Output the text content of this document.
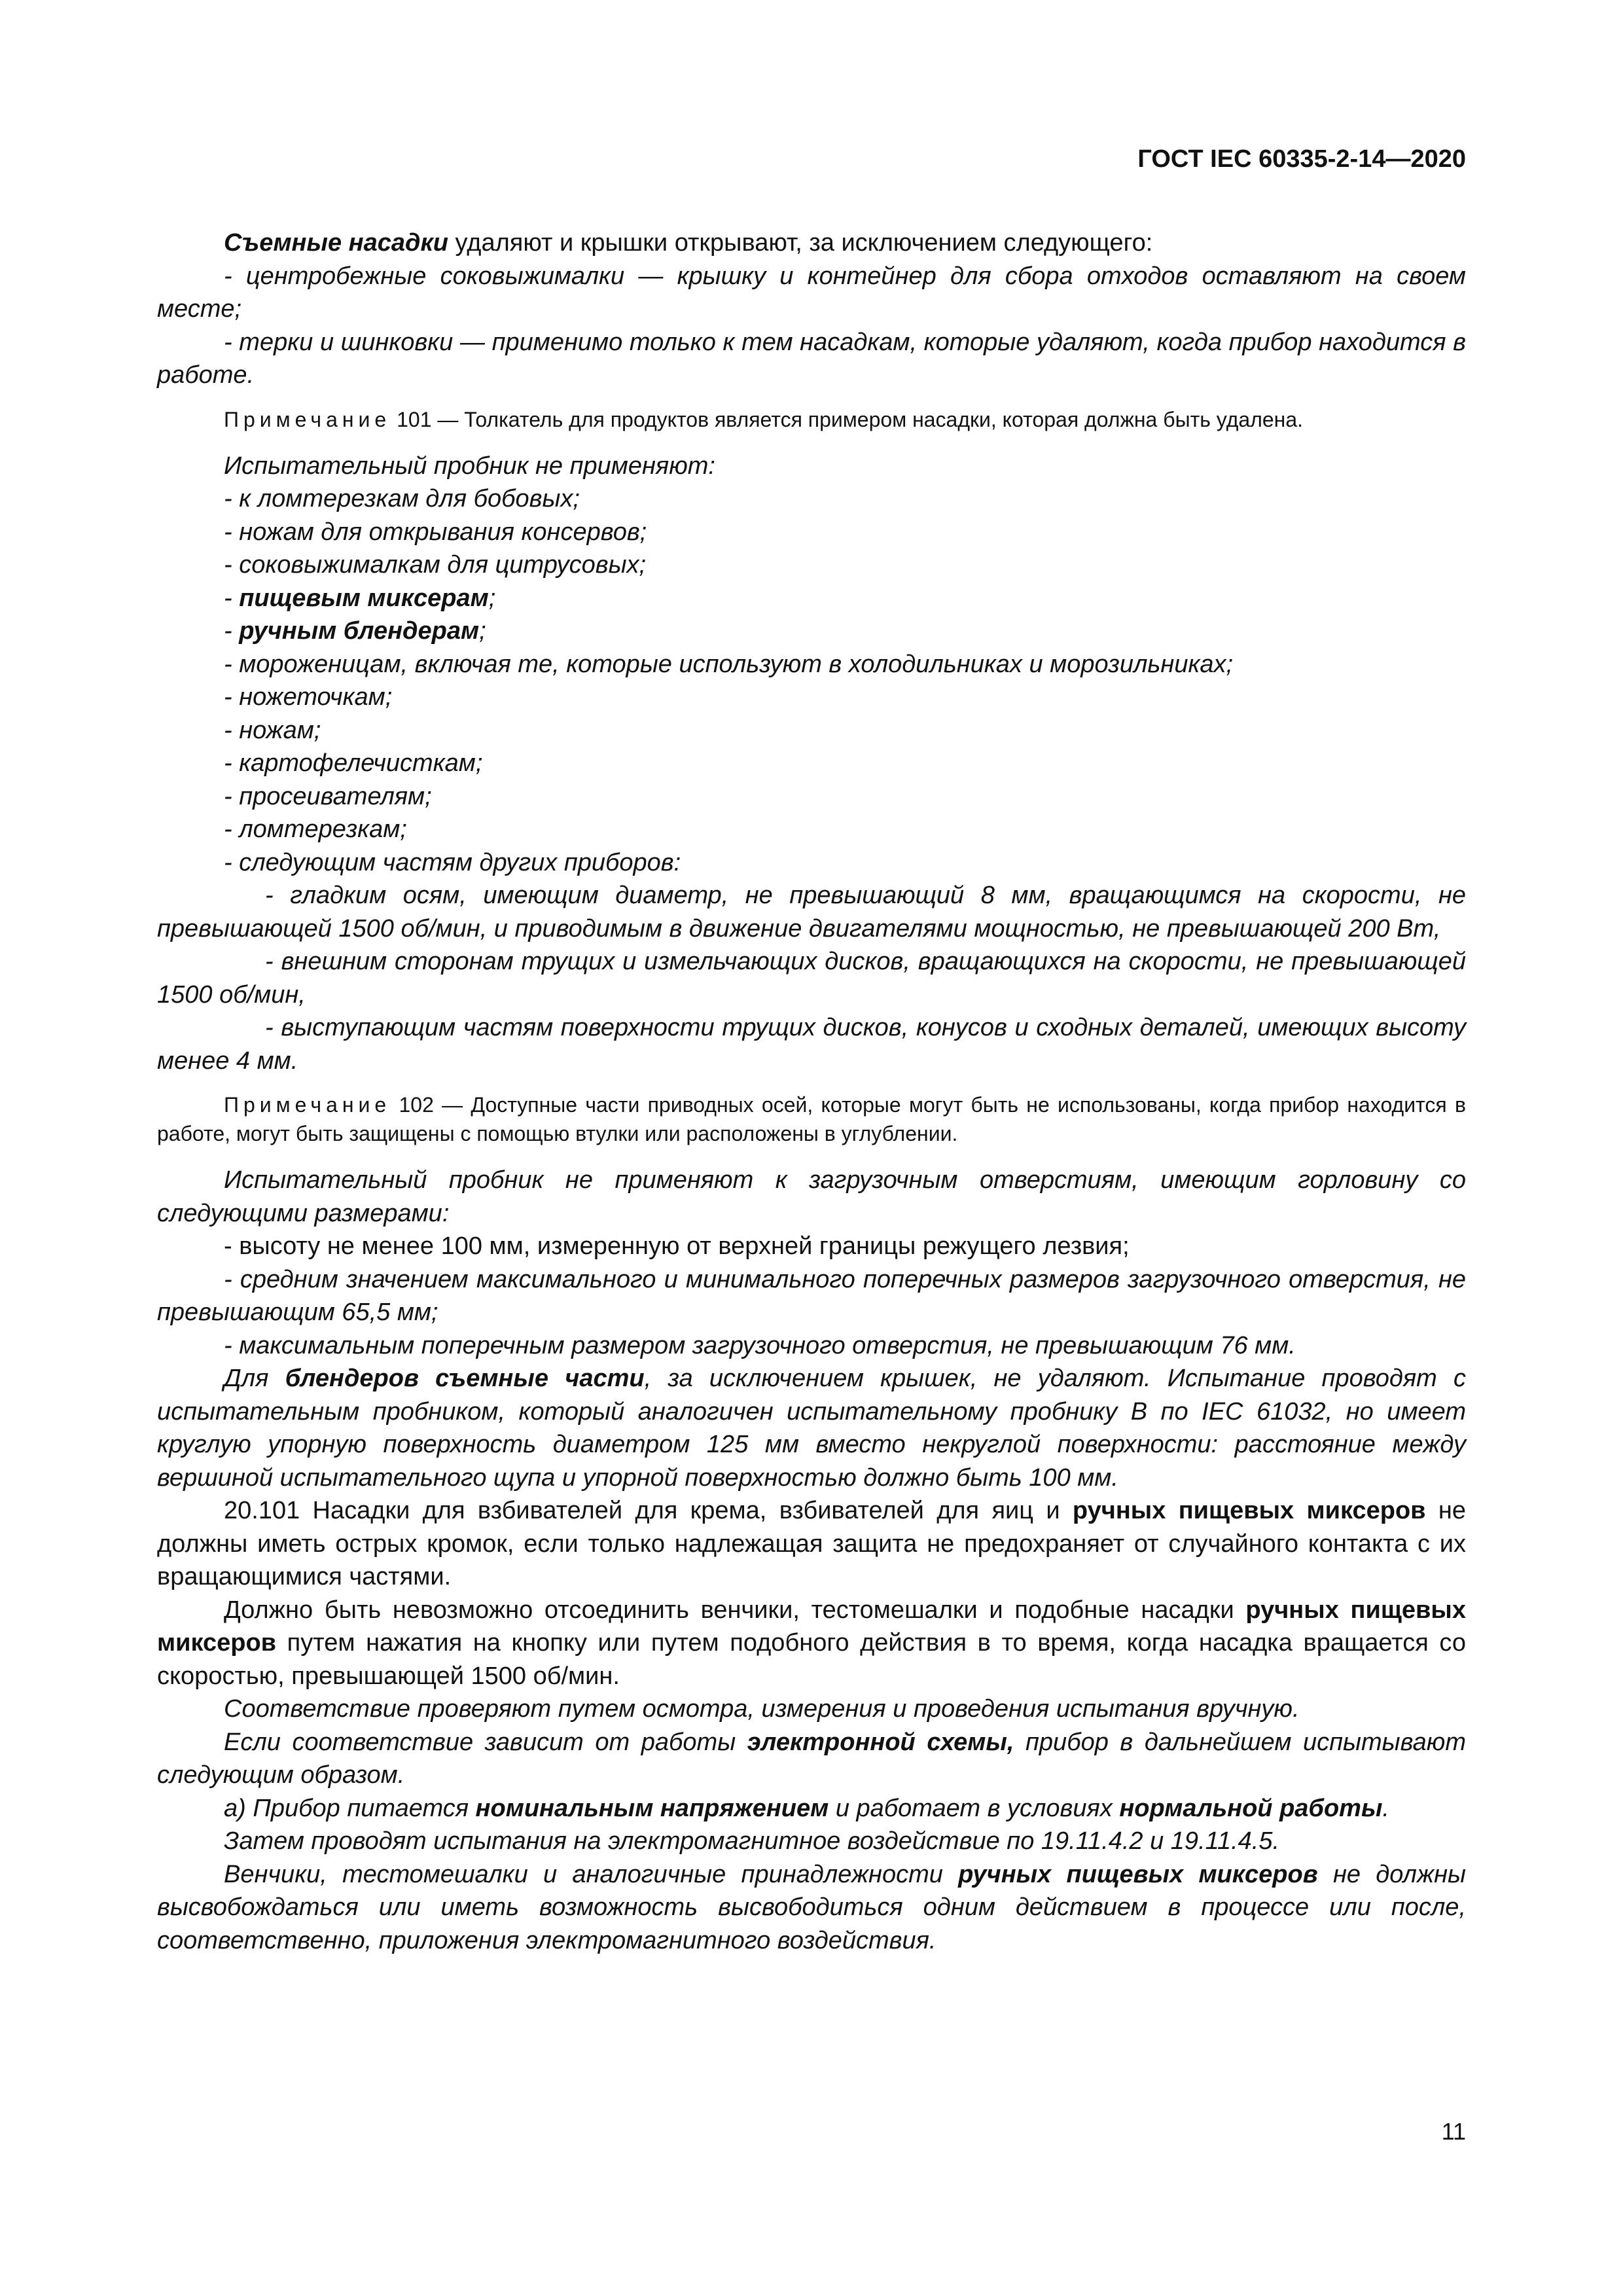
ГОСТ IEC 60335-2-14—2020

Съемные насадки удаляют и крышки открывают, за исключением следующего:

- центробежные соковыжималки — крышку и контейнер для сбора отходов оставляют на своем месте;

- терки и шинковки — применимо только к тем насадкам, которые удаляют, когда прибор находится в работе.

Примечание 101 — Толкатель для продуктов является примером насадки, которая должна быть удалена.

Испытательный пробник не применяют:

- к ломтерезкам для бобовых;

- ножам для открывания консервов;

- соковыжималкам для цитрусовых;

- пищевым миксерам;

- ручным блендерам;

- мороженицам, включая те, которые используют в холодильниках и морозильниках;

- ножеточкам;

- ножам;

- картофелечисткам;

- просеивателям;

- ломтерезкам;

- следующим частям других приборов:

- гладким осям, имеющим диаметр, не превышающий 8 мм, вращающимся на скорости, не превышающей 1500 об/мин, и приводимым в движение двигателями мощностью, не превышающей 200 Вт,

- внешним сторонам трущих и измельчающих дисков, вращающихся на скорости, не превышающей 1500 об/мин,

- выступающим частям поверхности трущих дисков, конусов и сходных деталей, имеющих высоту менее 4 мм.

Примечание 102 — Доступные части приводных осей, которые могут быть не использованы, когда прибор находится в работе, могут быть защищены с помощью втулки или расположены в углублении.

Испытательный пробник не применяют к загрузочным отверстиям, имеющим горловину со следующими размерами:

- высоту не менее 100 мм, измеренную от верхней границы режущего лезвия;

- средним значением максимального и минимального поперечных размеров загрузочного отверстия, не превышающим 65,5 мм;

- максимальным поперечным размером загрузочного отверстия, не превышающим 76 мм.

Для блендеров съемные части, за исключением крышек, не удаляют. Испытание проводят с испытательным пробником, который аналогичен испытательному пробнику B по IEC 61032, но имеет круглую упорную поверхность диаметром 125 мм вместо некруглой поверхности: расстояние между вершиной испытательного щупа и упорной поверхностью должно быть 100 мм.

20.101 Насадки для взбивателей для крема, взбивателей для яиц и ручных пищевых миксеров не должны иметь острых кромок, если только надлежащая защита не предохраняет от случайного контакта с их вращающимися частями.

Должно быть невозможно отсоединить венчики, тестомешалки и подобные насадки ручных пищевых миксеров путем нажатия на кнопку или путем подобного действия в то время, когда насадка вращается со скоростью, превышающей 1500 об/мин.

Соответствие проверяют путем осмотра, измерения и проведения испытания вручную.

Если соответствие зависит от работы электронной схемы, прибор в дальнейшем испытывают следующим образом.

a) Прибор питается номинальным напряжением и работает в условиях нормальной работы.

Затем проводят испытания на электромагнитное воздействие по 19.11.4.2 и 19.11.4.5.

Венчики, тестомешалки и аналогичные принадлежности ручных пищевых миксеров не должны высвобождаться или иметь возможность высвободиться одним действием в процессе или после, соответственно, приложения электромагнитного воздействия.

11
